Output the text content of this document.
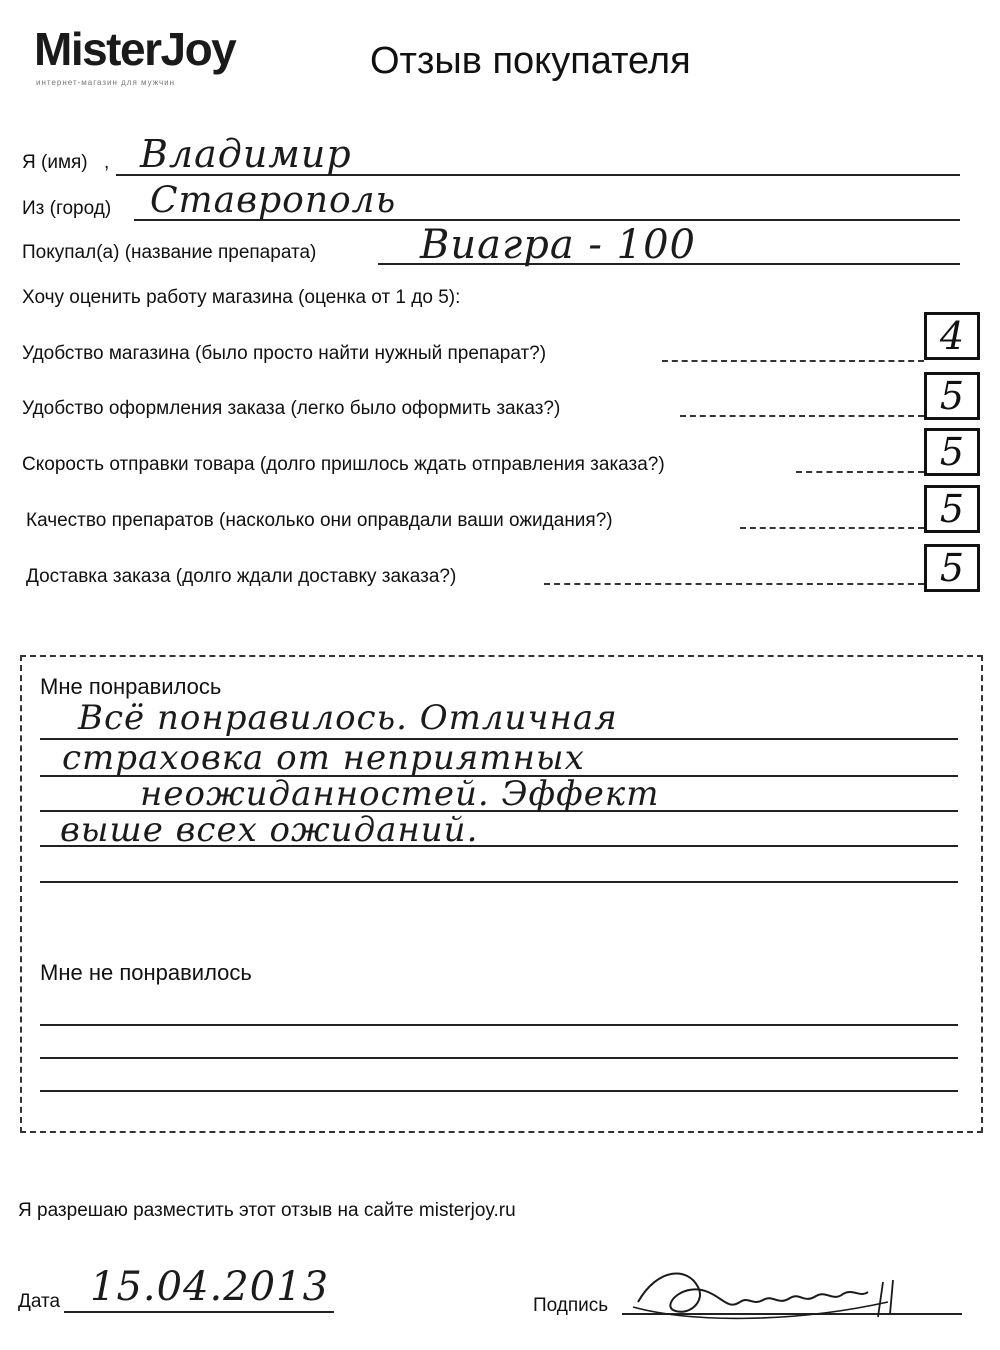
MisterJoy
интернет-магазин для мужчин
Отзыв покупателя
Я (имя) , Владимир
Из (город) Ставрополь
Покупал(а) (название препарата)	Виагра - 100
Хочу оценить работу магазина (оценка от 1 до 5):
Удобство магазина (было просто найти нужный препарат?)	4
Удобство оформления заказа (легко было оформить заказ?)	5
Скорость отправки товара (долго пришлось ждать отправления заказа?)	5
Качество препаратов (насколько они оправдали ваши ожидания?)	5
Доставка заказа (долго ждали доставку заказа?)	5
Мне понравилось
Всё понравилось. Отличная
страховка от неприятных
неожиданностей. Эффект
выше всех ожиданий.
Мне не понравилось
Я разрешаю разместить этот отзыв на сайте misterjoy.ru
Дата 15.04.2013	Подпись
